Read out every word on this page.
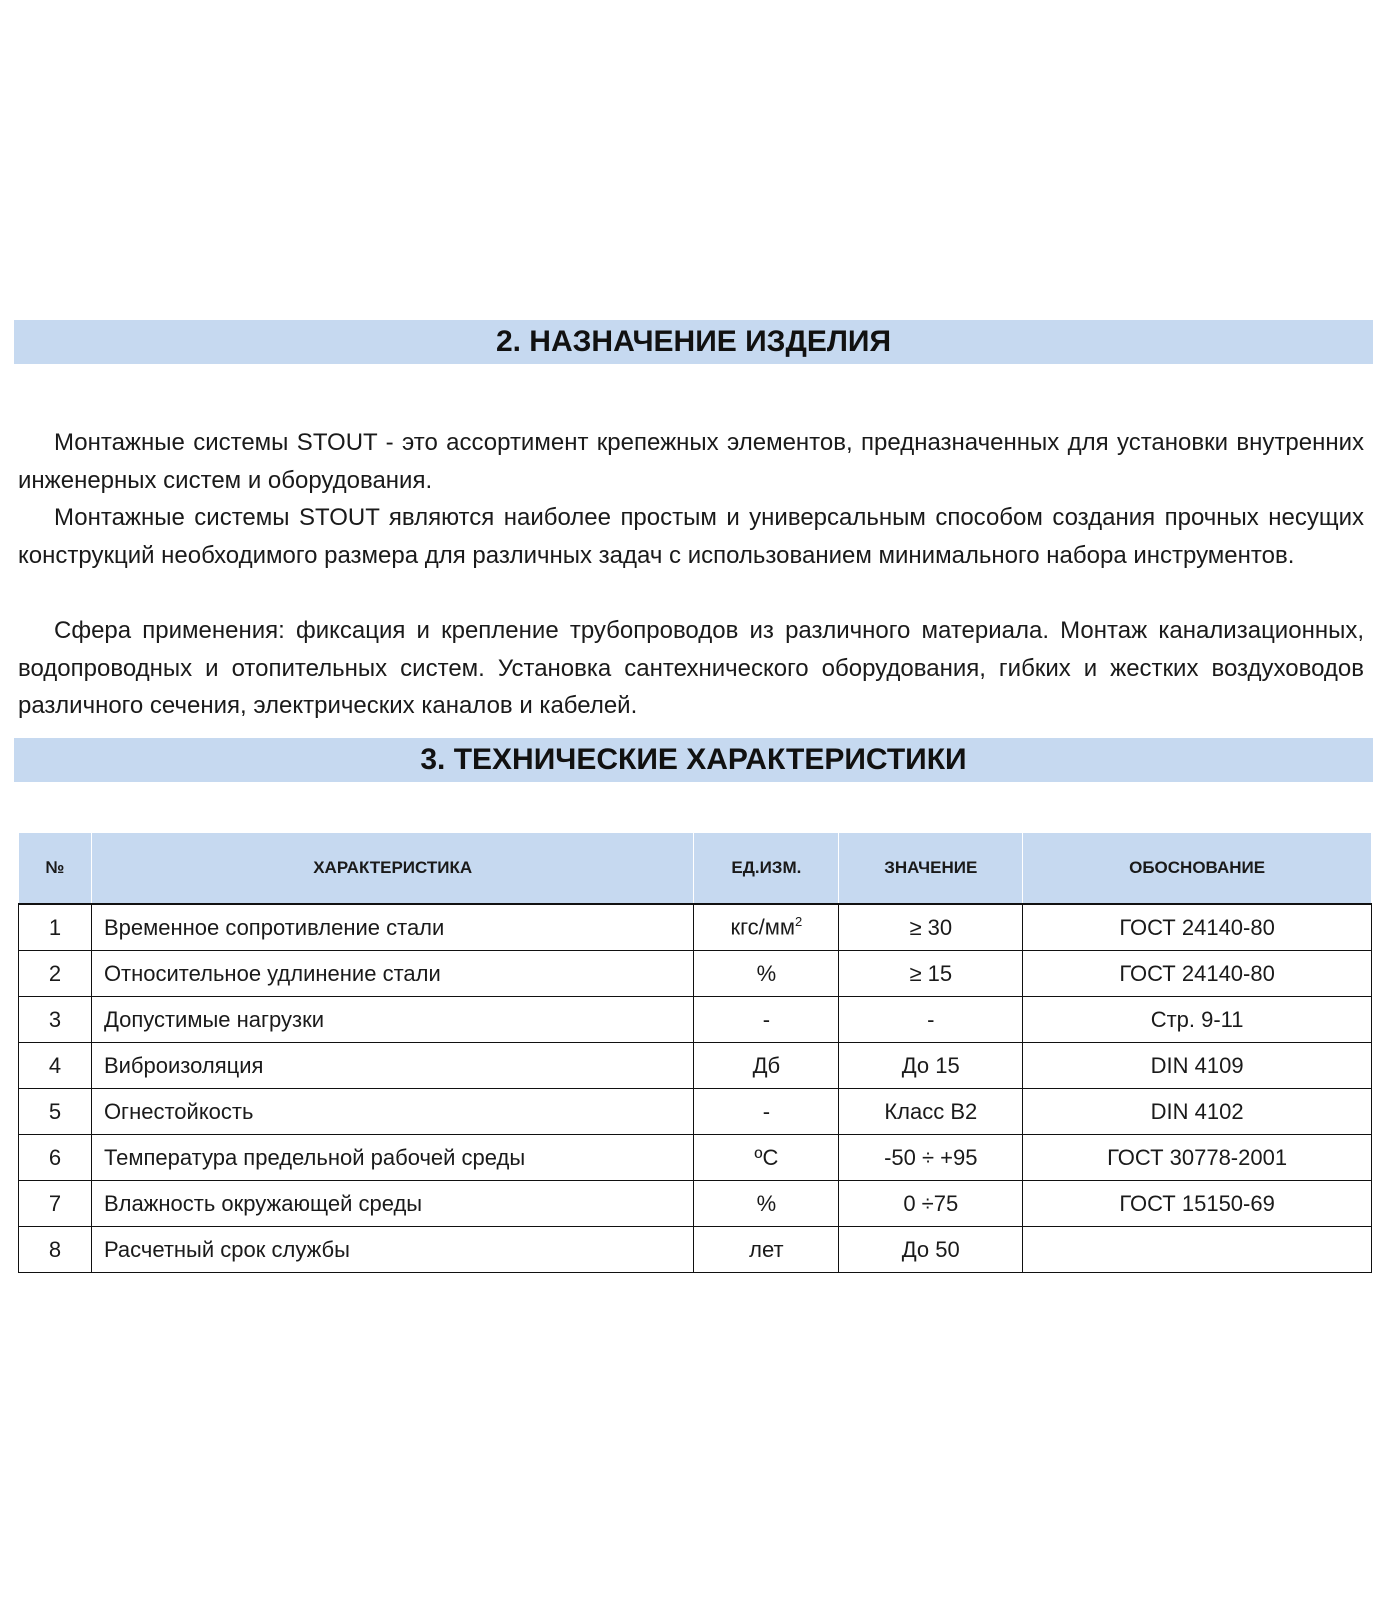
2. НАЗНАЧЕНИЕ ИЗДЕЛИЯ

Монтажные системы STOUT - это ассортимент крепежных элементов, предназначенных для установки внутренних инженерных систем и оборудования.

Монтажные системы STOUT являются наиболее простым и универсальным способом создания прочных несущих конструкций необходимого размера для различных задач с использованием минимального набора инструментов.

Сфера применения: фиксация и крепление трубопроводов из различного материала. Монтаж канализационных, водопроводных и отопительных систем. Установка сантехнического оборудования, гибких и жестких воздуховодов различного сечения, электрических каналов и кабелей.

3. ТЕХНИЧЕСКИЕ ХАРАКТЕРИСТИКИ
№	ХАРАКТЕРИСТИКА	ЕД.ИЗМ.	ЗНАЧЕНИЕ	ОБОСНОВАНИЕ
1	Временное сопротивление стали	кгс/$мм^2$	≥ 30	ГОСТ 24140-80
2	Относительное удлинение стали	%	≥ 15	ГОСТ 24140-80
3	Допустимые нагрузки	-	-	Стр. 9-11
4	Виброизоляция	Дб	До 15	DIN 4109
5	Огнестойкость	-	Класс В2	DIN 4102
6	Температура предельной рабочей среды	ºС	-50 ÷ +95	ГОСТ 30778-2001
7	Влажность окружающей среды	%	0 ÷75	ГОСТ 15150-69
8	Расчетный срок службы	лет	До 50	
